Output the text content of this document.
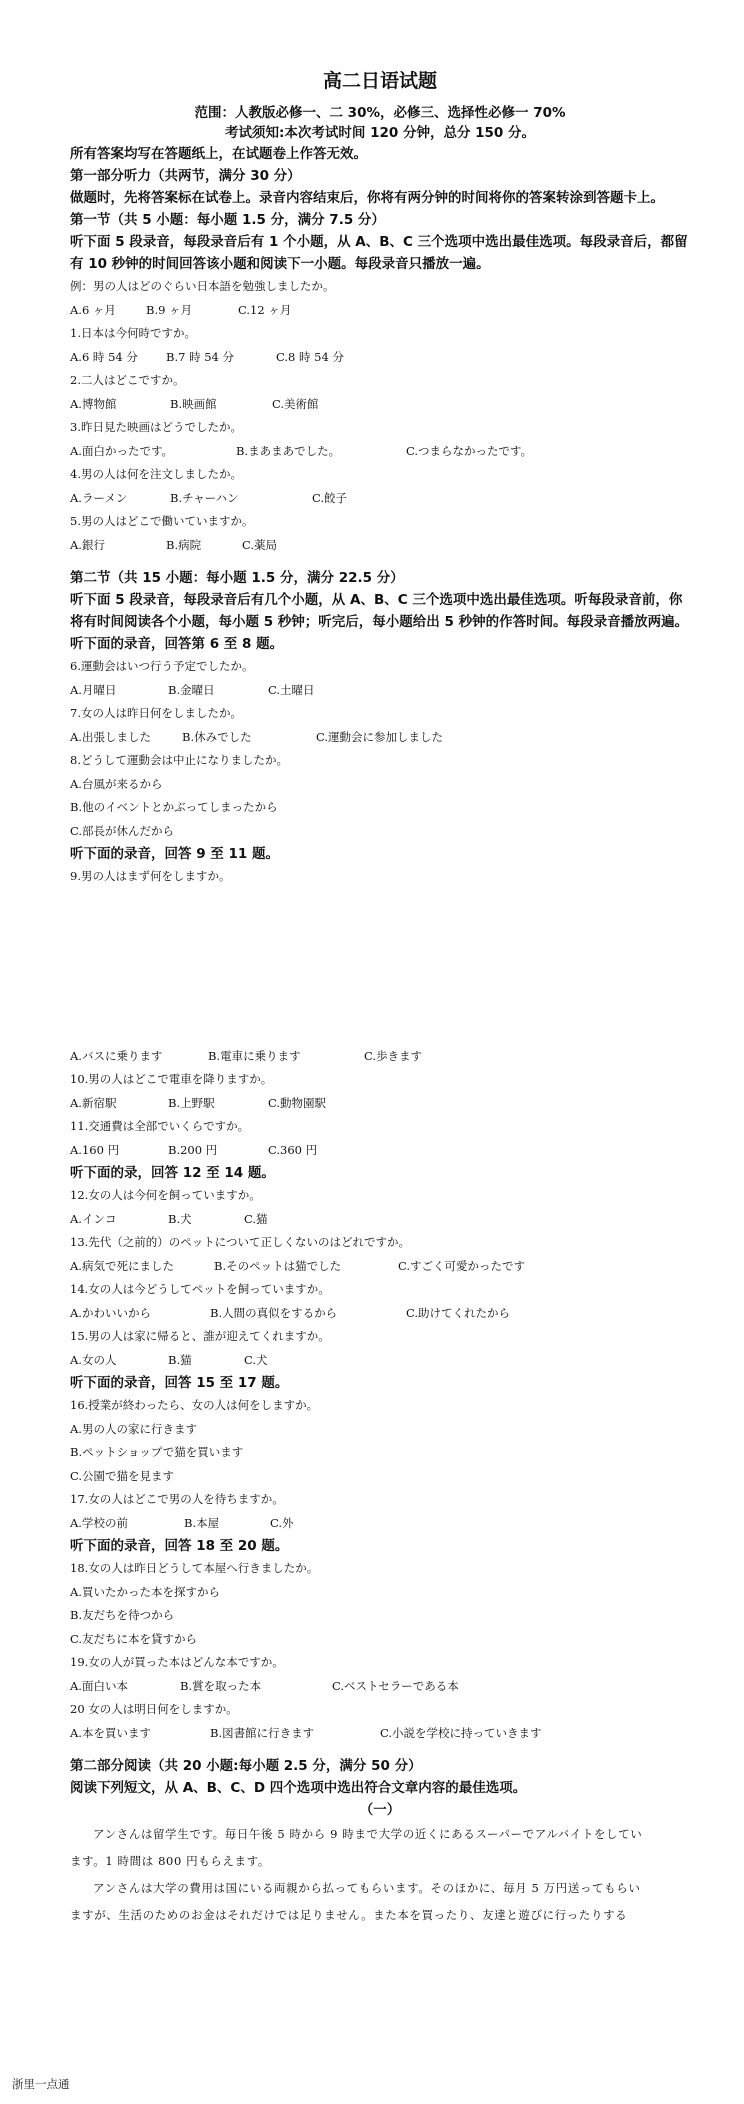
高二日语试题
范围：人教版必修一、二 30%，必修三、选择性必修一 70%
考试须知:本次考试时间 120 分钟，总分 150 分。
所有答案均写在答题纸上，在试题卷上作答无效。
第一部分听力（共两节，满分 30 分）
做题时，先将答案标在试卷上。录音内容结束后，你将有两分钟的时间将你的答案转涂到答题卡上。
第一节（共 5 小题：每小题 1.5 分，满分 7.5 分）
听下面 5 段录音，每段录音后有 1 个小题，从 A、B、C 三个选项中选出最佳选项。每段录音后，都留有 10 秒钟的时间回答该小题和阅读下一小题。每段录音只播放一遍。
例：男の人はどのぐらい日本語を勉強しましたか。
A.6 ヶ月	B.9 ヶ月	C.12 ヶ月
1.日本は今何時ですか。
A.6 時 54 分	B.7 時 54 分	C.8 時 54 分
2.二人はどこですか。
A.博物館	B.映画館	C.美術館
3.昨日見た映画はどうでしたか。
A.面白かったです。	B.まあまあでした。	C.つまらなかったです。
4.男の人は何を注文しましたか。
A.ラーメン	B.チャーハン	C.餃子
5.男の人はどこで働いていますか。
A.銀行	B.病院	C.薬局
第二节（共 15 小题：每小题 1.5 分，满分 22.5 分）
听下面 5 段录音，每段录音后有几个小题，从 A、B、C 三个选项中选出最佳选项。听每段录音前，你将有时间阅读各个小题，每小题 5 秒钟；听完后，每小题给出 5 秒钟的作答时间。每段录音播放两遍。
听下面的录音，回答第 6 至 8 题。
6.運動会はいつ行う予定でしたか。
A.月曜日	B.金曜日	C.土曜日
7.女の人は昨日何をしましたか。
A.出張しました	B.休みでした	C.運動会に参加しました
8.どうして運動会は中止になりましたか。
A.台風が来るから
B.他のイベントとかぶってしまったから
C.部長が休んだから
听下面的录音，回答 9 至 11 题。
9.男の人はまず何をしますか。
A.バスに乗ります	B.電車に乗ります	C.歩きます
10.男の人はどこで電車を降りますか。
A.新宿駅	B.上野駅	C.動物園駅
11.交通費は全部でいくらですか。
A.160 円	B.200 円	C.360 円
听下面的录，回答 12 至 14 题。
12.女の人は今何を飼っていますか。
A.インコ	B.犬	C.猫
13.先代（之前的）のペットについて正しくないのはどれですか。
A.病気で死にました	B.そのペットは猫でした	C.すごく可愛かったです
14.女の人は今どうしてペットを飼っていますか。
A.かわいいから	B.人間の真似をするから	C.助けてくれたから
15.男の人は家に帰ると、誰が迎えてくれますか。
A.女の人	B.猫	C.犬
听下面的录音，回答 15 至 17 题。
16.授業が終わったら、女の人は何をしますか。
A.男の人の家に行きます
B.ペットショップで猫を買います
C.公園で猫を見ます
17.女の人はどこで男の人を待ちますか。
A.学校の前	B.本屋	C.外
听下面的录音，回答 18 至 20 题。
18.女の人は昨日どうして本屋へ行きましたか。
A.買いたかった本を探すから
B.友だちを待つから
C.友だちに本を貸すから
19.女の人が買った本はどんな本ですか。
A.面白い本	B.賞を取った本	C.ベストセラーである本
20 女の人は明日何をしますか。
A.本を買います	B.図書館に行きます	C.小説を学校に持っていきます
第二部分阅读（共 20 小题:每小题 2.5 分，满分 50 分）
阅读下列短文，从 A、B、C、D 四个选项中选出符合文章内容的最佳选项。
（一）
アンさんは留学生です。毎日午後 5 時から 9 時まで大学の近くにあるスーパーでアルバイトをしてい
ます。1 時間は 800 円もらえます。
アンさんは大学の費用は国にいる両親から払ってもらいます。そのほかに、毎月 5 万円送ってもらい
ますが、生活のためのお金はそれだけでは足りません。また本を買ったり、友達と遊びに行ったりする
浙里一点通
